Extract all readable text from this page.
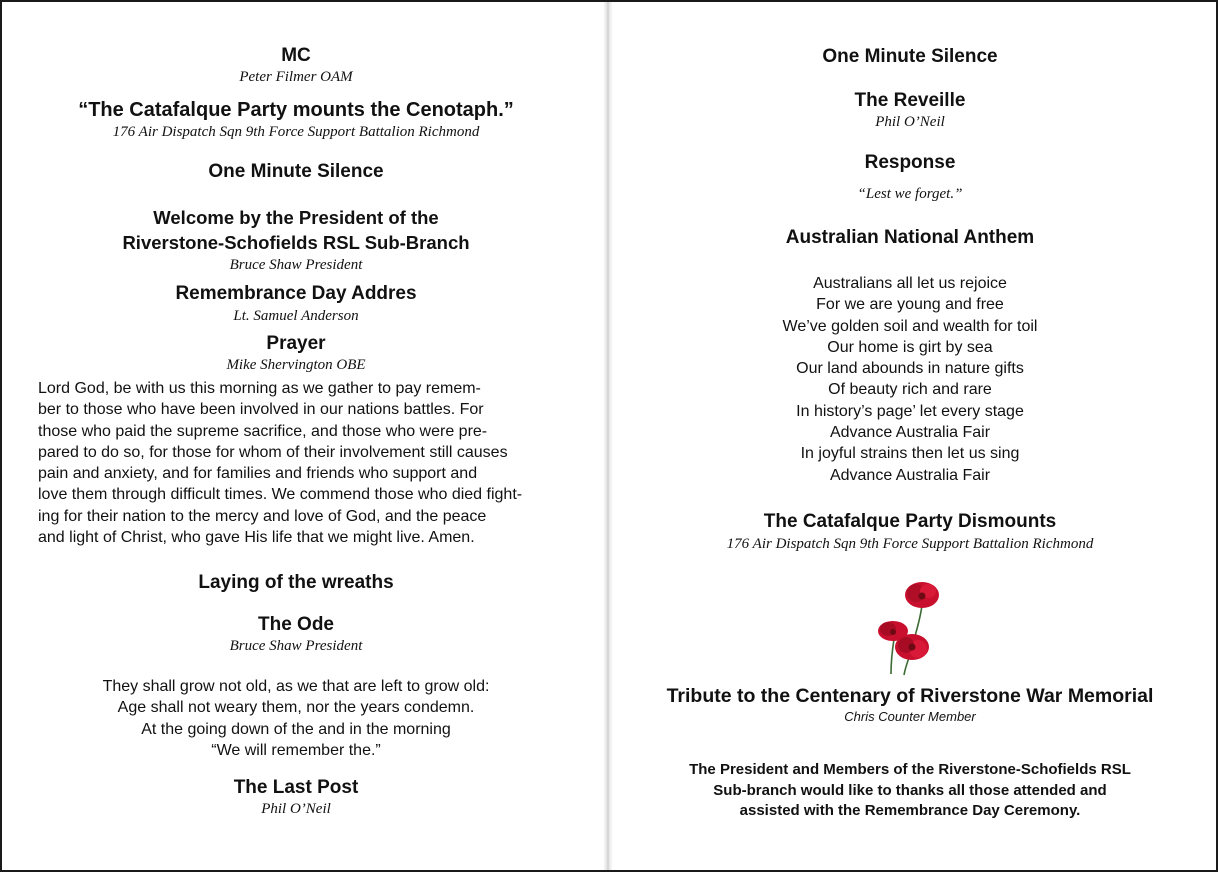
MC

Peter Filmer OAM

“The Catafalque Party mounts the Cenotaph.”

176 Air Dispatch Sqn 9th Force Support Battalion Richmond

One Minute Silence

Welcome by the President of the

Riverstone-Schofields RSL Sub-Branch

Bruce Shaw President

Remembrance Day Addres

Lt. Samuel Anderson

Prayer

Mike Shervington OBE

Lord God, be with us this morning as we gather to pay remem-
ber to those who have been involved in our nations battles. For
those who paid the supreme sacrifice, and those who were pre-
pared to do so, for those for whom of their involvement still causes
pain and anxiety, and for families and friends who support and
love them through difficult times. We commend those who died fight-
ing for their nation to the mercy and love of God, and the peace
and light of Christ, who gave His life that we might live. Amen.

Laying of the wreaths

The Ode

Bruce Shaw President

They shall grow not old, as we that are left to grow old:
Age shall not weary them, nor the years condemn.
At the going down of the and in the morning
“We will remember the.”

The Last Post

Phil O’Neil

One Minute Silence

The Reveille

Phil O’Neil

Response

“Lest we forget.”

Australian National Anthem

Australians all let us rejoice
For we are young and free
We’ve golden soil and wealth for toil
Our home is girt by sea
Our land abounds in nature gifts
Of beauty rich and rare
In history’s page’ let every stage
Advance Australia Fair
In joyful strains then let us sing
Advance Australia Fair

The Catafalque Party Dismounts

176 Air Dispatch Sqn 9th Force Support Battalion Richmond

Tribute to the Centenary of Riverstone War Memorial

Chris Counter Member

The President and Members of the Riverstone-Schofields RSL
Sub-branch would like to thanks all those attended and
assisted with the Remembrance Day Ceremony.
